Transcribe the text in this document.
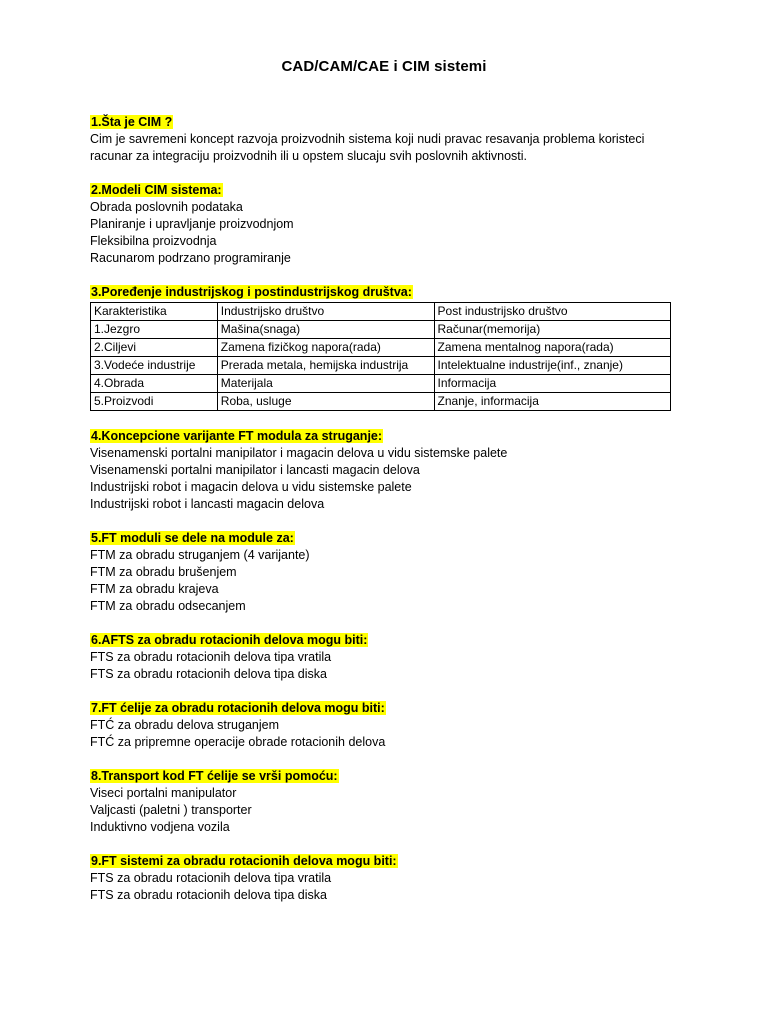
CAD/CAM/CAE i CIM sistemi
1.Šta je CIM ?
Cim je savremeni koncept razvoja proizvodnih sistema koji nudi pravac resavanja problema koristeci racunar za integraciju proizvodnih ili u opstem slucaju svih poslovnih aktivnosti.
2.Modeli CIM sistema:
Obrada poslovnih podataka
Planiranje i upravljanje proizvodnjom
Fleksibilna proizvodnja
Racunarom podrzano programiranje
3.Poređenje industrijskog i postindustrijskog društva:
Karakteristika	Industrijsko društvo	Post industrijsko društvo
1.Jezgro	Mašina(snaga)	Računar(memorija)
2.Ciljevi	Zamena fizičkog napora(rada)	Zamena mentalnog napora(rada)
3.Vodeće industrije	Prerada metala, hemijska industrija	Intelektualne industrije(inf., znanje)
4.Obrada	Materijala	Informacija
5.Proizvodi	Roba, usluge	Znanje, informacija
4.Koncepcione varijante FT modula za struganje:
Visenamenski portalni manipilator i magacin delova u vidu sistemske palete
Visenamenski portalni manipilator i lancasti magacin delova
Industrijski robot i magacin delova u vidu sistemske palete
Industrijski robot i lancasti magacin delova
5.FT moduli se dele na module za:
FTM za obradu struganjem (4 varijante)
FTM za obradu brušenjem
FTM za obradu krajeva
FTM za obradu odsecanjem
6.AFTS za obradu rotacionih delova mogu biti:
FTS za obradu rotacionih delova tipa vratila
FTS za obradu rotacionih delova tipa diska
7.FT ćelije za obradu rotacionih delova mogu biti:
FTĆ za obradu delova struganjem
FTĆ za pripremne operacije obrade rotacionih delova
8.Transport kod FT ćelije se vrši pomoću:
Viseci portalni manipulator
Valjcasti (paletni ) transporter
Induktivno vodjena vozila
9.FT sistemi za obradu rotacionih delova mogu biti:
FTS za obradu rotacionih delova tipa vratila
FTS za obradu rotacionih delova tipa diska
